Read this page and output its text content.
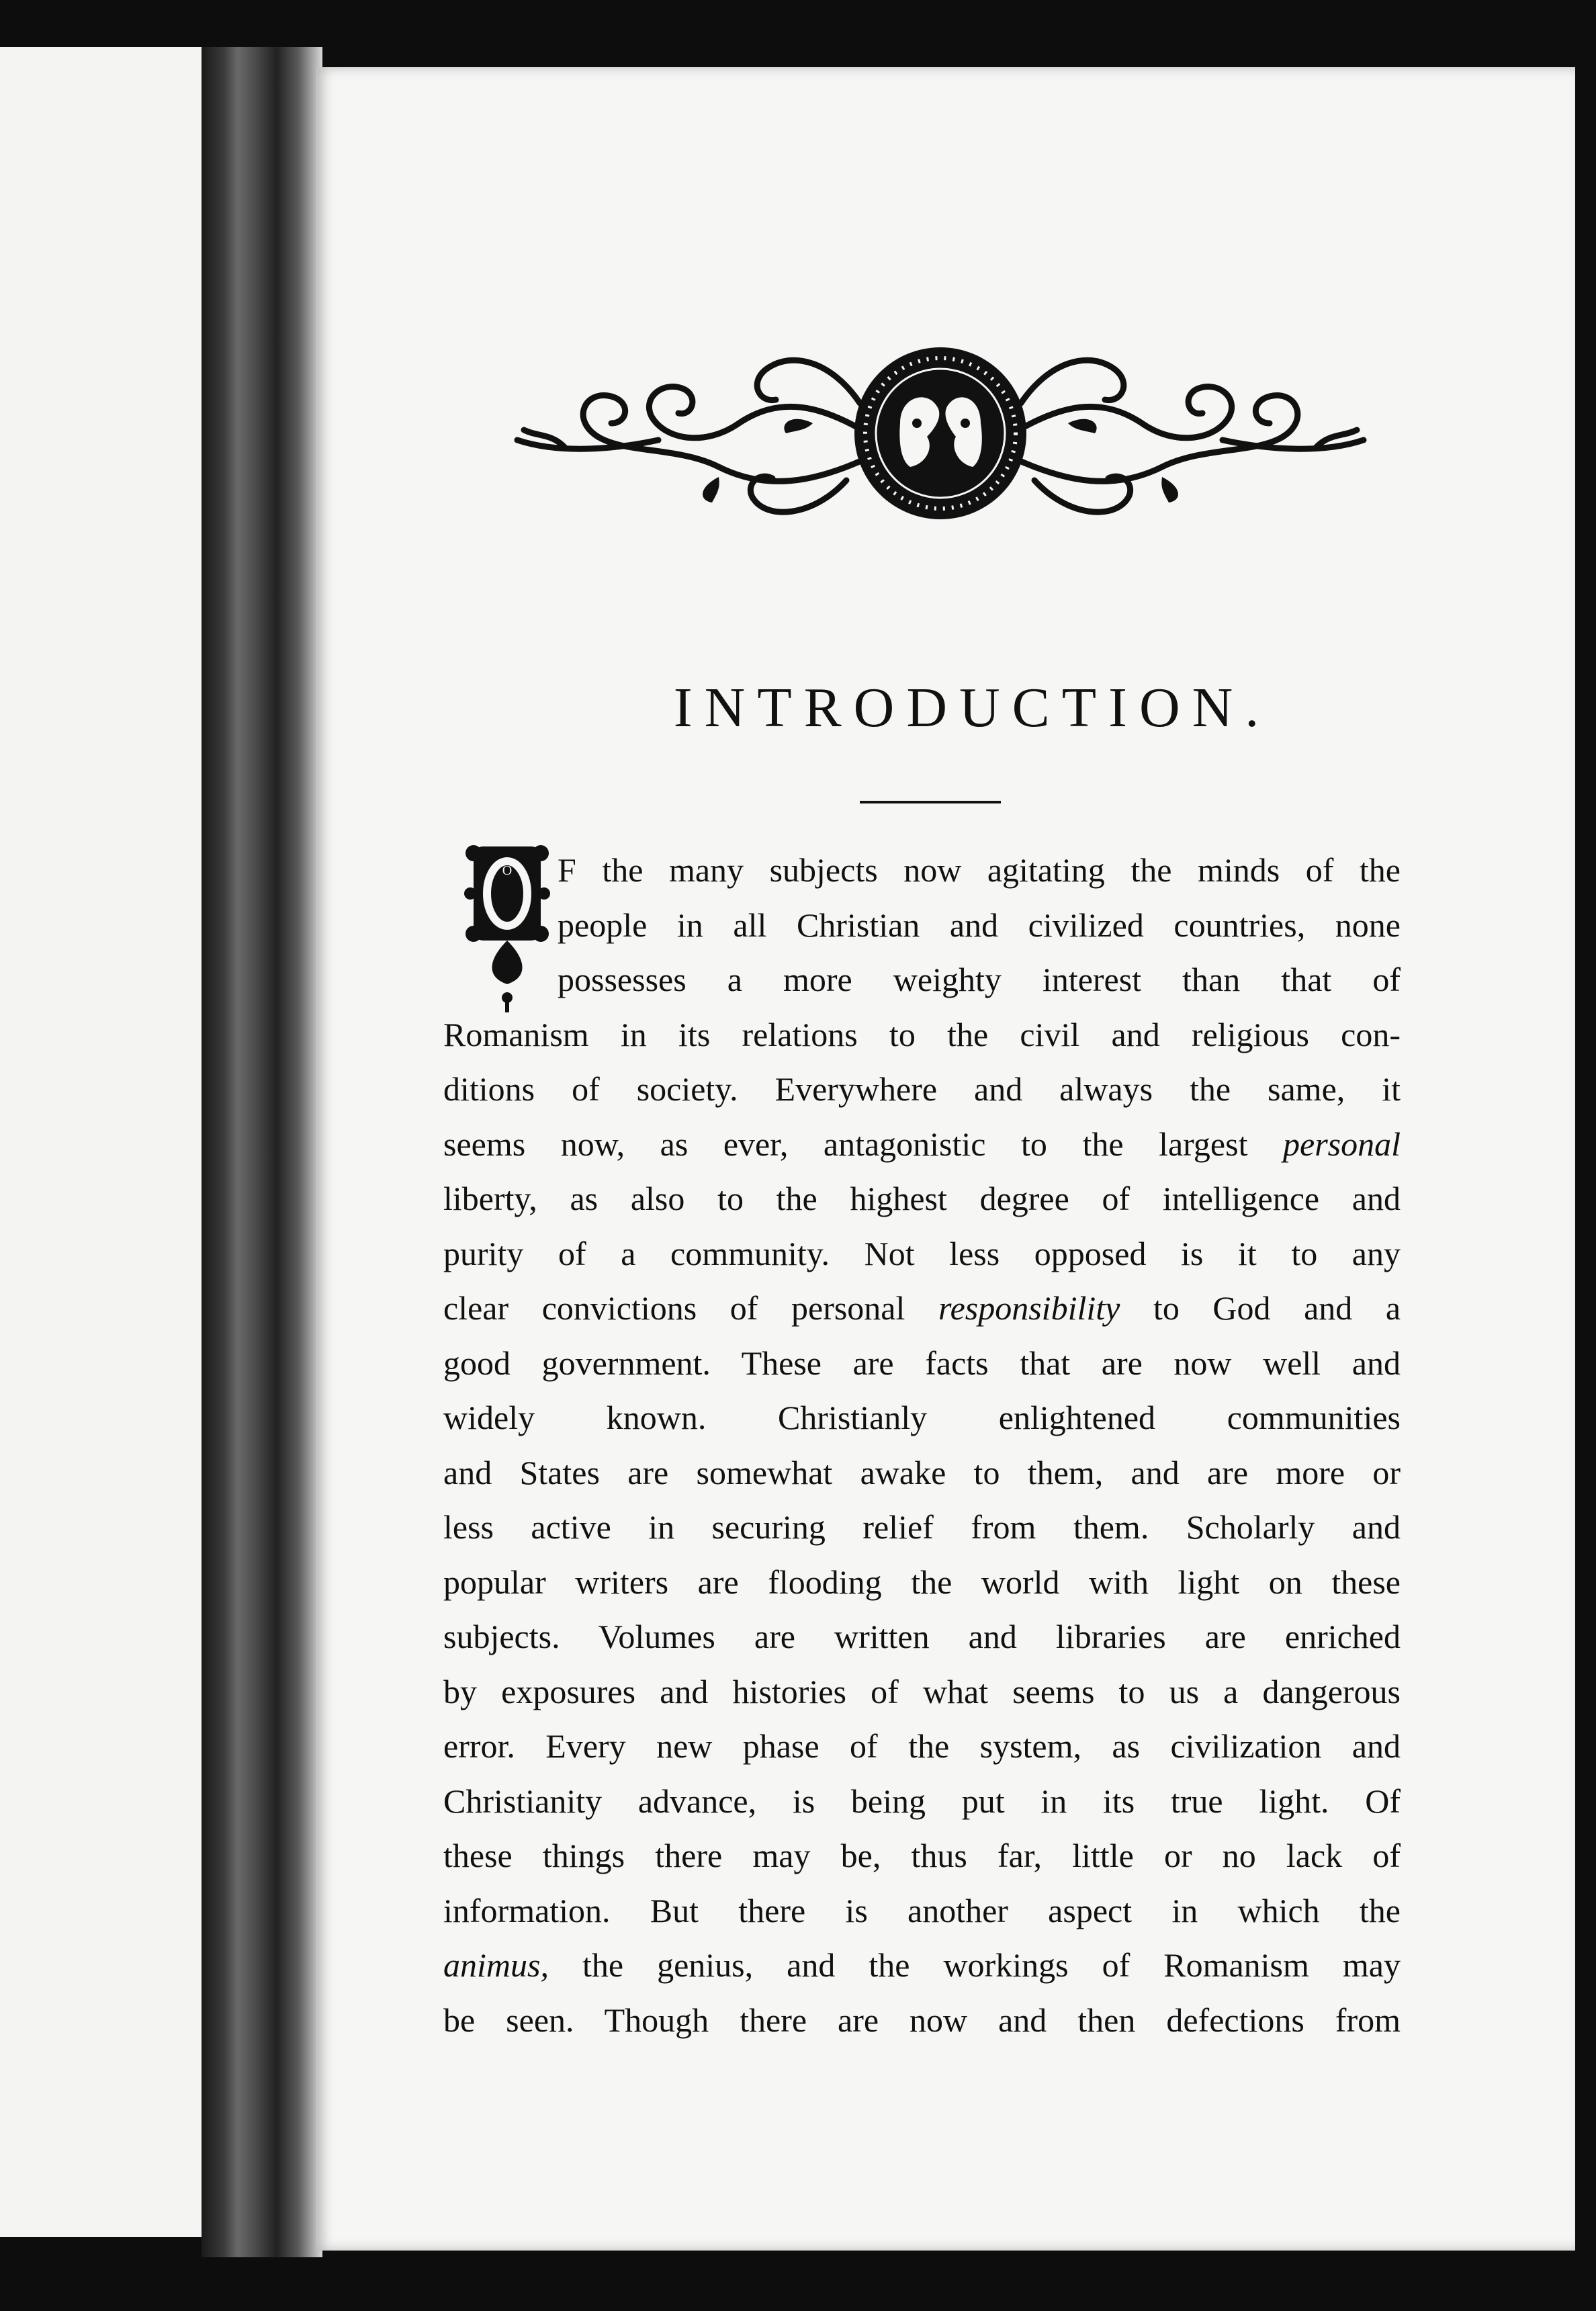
INTRODUCTION.
O	F the many subjects now agitating the minds of the
people in all Christian and civilized countries, none
possesses a more weighty interest than that of
Romanism in its relations to the civil and religious con-
ditions of society. Everywhere and always the same, it
seems now, as ever, antagonistic to the largest personal
liberty, as also to the highest degree of intelligence and
purity of a community. Not less opposed is it to any
clear convictions of personal responsibility to God and a
good government. These are facts that are now well and
widely known. Christianly enlightened communities
and States are somewhat awake to them, and are more or
less active in securing relief from them. Scholarly and
popular writers are flooding the world with light on these
subjects. Volumes are written and libraries are enriched
by exposures and histories of what seems to us a dangerous
error. Every new phase of the system, as civilization and
Christianity advance, is being put in its true light. Of
these things there may be, thus far, little or no lack of
information. But there is another aspect in which the
animus, the genius, and the workings of Romanism may
be seen. Though there are now and then defections from
